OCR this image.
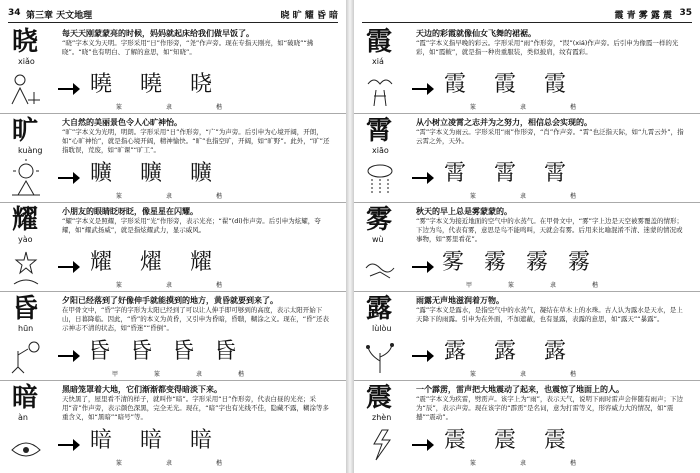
34 第三章 天文地理	晓 旷 耀 昏 暗
晓
xiǎo
每天天刚蒙蒙亮的时候，妈妈就起床给我们做早饭了。
“晓”字本义为天明。字形采用“日”作形旁，“尧”作声旁。现在专指天刚亮，如“破晓”“拂晓”。“晓”也有明白、了解的意思，如“知晓”。
曉
篆
曉
隶
晓
楷
旷
kuàng
大自然的美丽景色令人心旷神怡。
“旷”字本义为光明，明朗。字形采用“日”作形旁，“广”为声旁。后引申为心境开阔，开朗，如“心旷神怡”，就是指心境开阔，精神愉快。“旷”也指空旷，开阔，如“旷野”。此外，“旷”还指耽误，荒废，如“旷课”“旷工”。
曠
篆
曠
隶
曠
楷
耀
yào
小朋友的眼睛眨呀眨，像星星在闪耀。
“耀”字本义是照耀，字形采用“光”作形旁，表示光亮；“翟”(dí)作声旁。后引申为炫耀，夸耀，如“耀武扬威”，就是指炫耀武力，显示威风。
耀
篆
燿
隶
耀
楷
昏
hūn
夕阳已经落到了好像伸手就能摸到的地方，黄昏就要到来了。
在甲骨文中，“昏”字的字形为太阳已经到了可以让人伸手即可够到的高度，表示太阳开始下山，日暮降临。因此，“昏”的本义为黄昏，又引申为昏暗，昏聩，糊涂之义。现在，“昏”还表示神志不清的状态，如“昏迷”“昏倒”。
昏
甲
昏
篆
昏
隶
昏
楷
暗
àn
黑暗笼罩着大地，它们渐渐都变得暗淡下来。
天快黑了，屋里看不清的样子，就叫作“暗”。字形采用“日”作形旁，代表白昼的光亮；采用“音”作声旁，表示颜色深黑，完全无光。现在，“暗”字也有光线不佳，隐藏不露，糊涂等多重含义，如“黑暗”“暗号”等。
暗
篆
暗
隶
暗
楷
霞 青 雾 露 震 35
霞
xiá
天边的彩霞就像仙女飞舞的裙裾。
“霞”字本义指早晚的彩云。字形采用“雨”作形旁，“叚”(xiá)作声旁。后引申为像霞一样的光彩，如“霞帔”，就是指一种贵重服装，类似披肩，纹有霞彩。
霞
篆
霞
隶
霞
楷
霄
xiāo
从小树立凌霄之志并为之努力，相信总会实现的。
“霄”字本义为雨云。字形采用“雨”作形旁，“肖”作声旁。“霄”也泛指天际，如“九霄云外”，指云霄之外，天外。
霄
篆
霄
隶
霄
楷
雾
wù
秋天的早上总是雾蒙蒙的。
“雾”字本义为接近地面的空气中的水蒸气。在甲骨文中，“雾”字上边是天空被雾覆盖的情形；下边为鸟，代表有雾，意思是鸟不能鸣叫，天就会有雾。后用来比喻混淆不清、迷蒙的情况或事物，如“雾里看花”。
雾
甲
霧
篆
霧
隶
霧
楷
露
lùlòu
雨露无声地滋润着万物。
“露”字本义是露水，是指空气中的水蒸气，凝结在草木上的水珠。古人认为露水是天水，是上天降下的雨露。引申为在外面，不加遮蔽，也有显露，表露的意思，如“露天”“暴露”。
露
篆
露
隶
露
楷
震
zhèn
一个霹雳，雷声把大地震动了起来，也震惊了地面上的人。
“震”字本义为疾雷，劈雳声。该字上为“雨”，表示天气，说明下雨时雷声会伴随有雨声；下边为“辰”，表示声旁。现在该字的“霹雳”是名词，意为打雷等义，形容威力大的情况，如“震撼”“震动”。
震
篆
震
隶
震
楷
